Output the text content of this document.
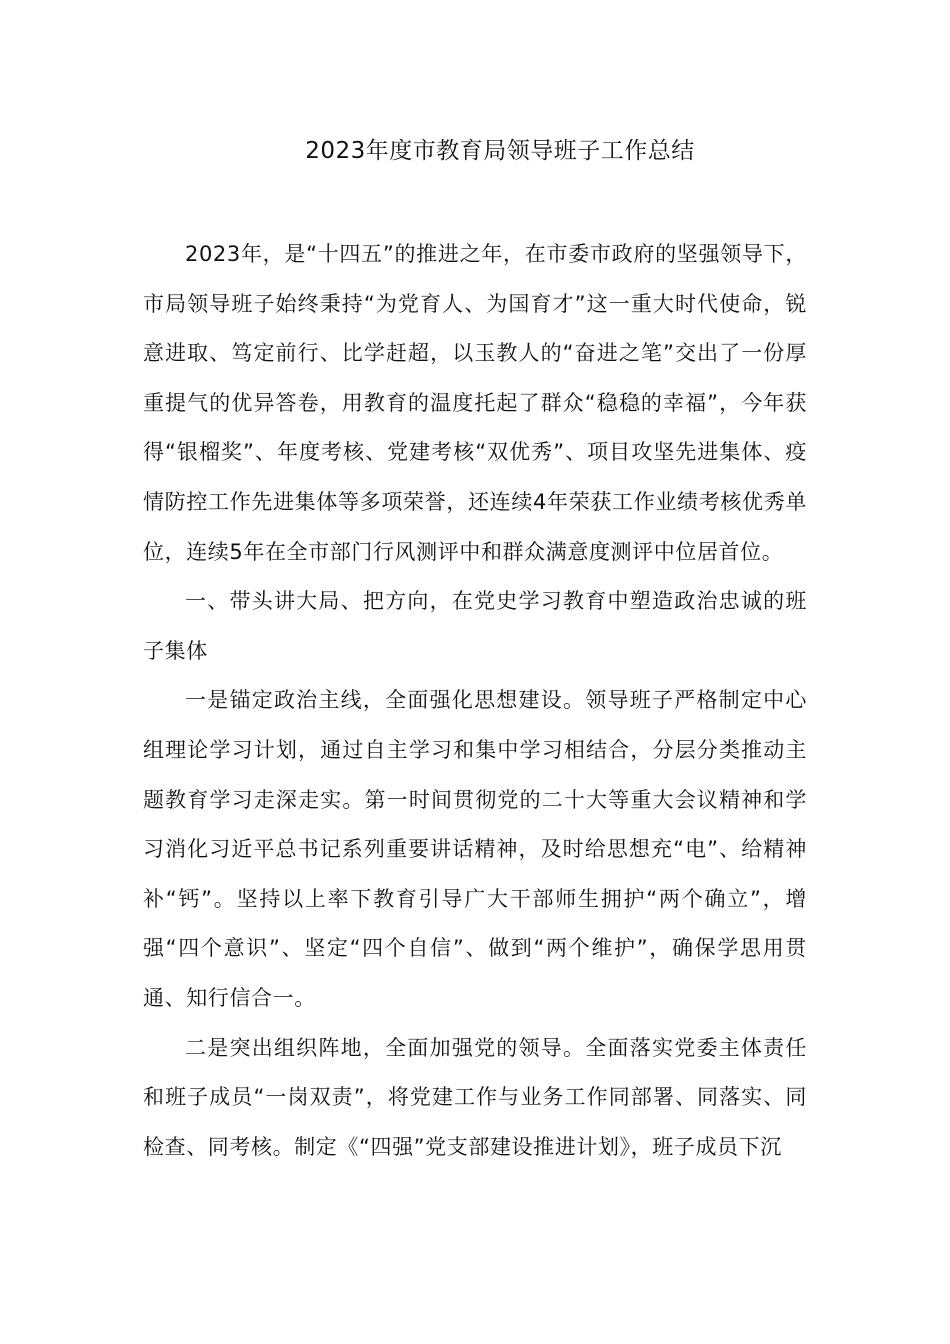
2023年度市教育局领导班子工作总结

2023年，是“十四五”的推进之年，在市委市政府的坚强领导下，市局领导班子始终秉持“为党育人、为国育才”这一重大时代使命，锐意进取、笃定前行、比学赶超，以玉教人的“奋进之笔”交出了一份厚重提气的优异答卷，用教育的温度托起了群众“稳稳的幸福”，今年获得“银榴奖”、年度考核、党建考核“双优秀”、项目攻坚先进集体、疫情防控工作先进集体等多项荣誉，还连续4年荣获工作业绩考核优秀单位，连续5年在全市部门行风测评中和群众满意度测评中位居首位。

一、带头讲大局、把方向，在党史学习教育中塑造政治忠诚的班子集体

一是锚定政治主线，全面强化思想建设。领导班子严格制定中心组理论学习计划，通过自主学习和集中学习相结合，分层分类推动主题教育学习走深走实。第一时间贯彻党的二十大等重大会议精神和学习消化习近平总书记系列重要讲话精神，及时给思想充“电”、给精神补“钙”。坚持以上率下教育引导广大干部师生拥护“两个确立”，增强“四个意识”、坚定“四个自信”、做到“两个维护”，确保学思用贯通、知行信合一。

二是突出组织阵地，全面加强党的领导。全面落实党委主体责任和班子成员“一岗双责”，将党建工作与业务工作同部署、同落实、同检查、同考核。制定《“四强”党支部建设推进计划》，班子成员下沉
